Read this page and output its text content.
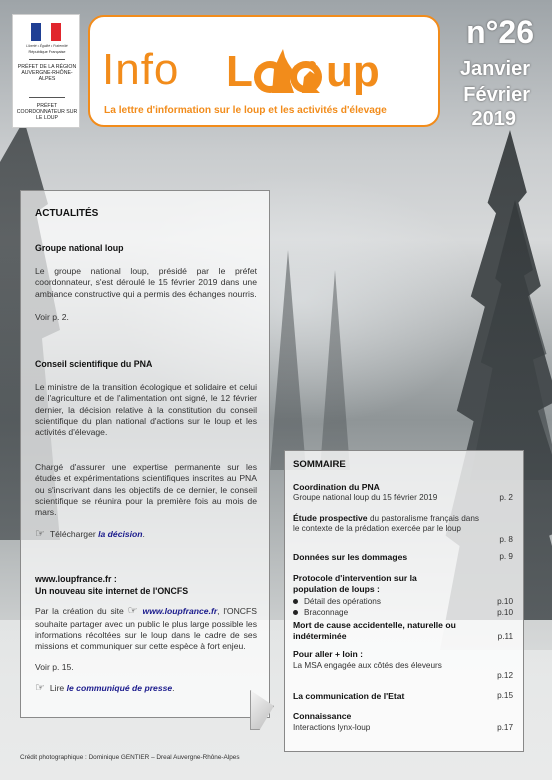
Liberté • Égalité • Fraternité
République Française
PRÉFET DE LA RÉGION AUVERGNE-RHÔNE-ALPES
PRÉFET COORDONNATEUR SUR LE LOUP
Info L up
La lettre d'information sur le loup et les activités d'élevage
n°26
Janvier
Février
2019
ACTUALITÉS
Groupe national loup
Le groupe national loup, présidé par le préfet coordonnateur, s'est déroulé le 15 février 2019 dans une ambiance constructive qui a permis des échanges nourris.
Voir p. 2.
Conseil scientifique du PNA
Le ministre de la transition écologique et solidaire et celui de l'agriculture et de l'alimentation ont signé, le 12 février dernier, la décision relative à la constitution du conseil scientifique du plan national d'actions sur le loup et les activités d'élevage.
Chargé d'assurer une expertise permanente sur les études et expérimentations scientifiques inscrites au PNA ou s'inscrivant dans les objectifs de ce dernier, le conseil scientifique se réunira pour la première fois au mois de mars.
☞ Télécharger la décision.
www.loupfrance.fr :
Un nouveau site internet de l'ONCFS
Par la création du site ☞ www.loupfrance.fr, l'ONCFS souhaite partager avec un public le plus large possible les informations récoltées sur le loup dans le cadre de ses missions et communiquer sur cette espèce à fort enjeu.
Voir p. 15.
☞ Lire le communiqué de presse.
SOMMAIRE
Coordination du PNA
Groupe national loup du 15 février 2019	p. 2
Étude prospective du pastoralisme français dans le contexte de la prédation exercée par le loup
p. 8
Données sur les dommages	p. 9
Protocole d'intervention sur la population de loups :
Détail des opérations	p.10
Braconnage	p.10
Mort de cause accidentelle, naturelle ou indéterminée	p.11
Pour aller + loin :
La MSA engagée aux côtés des éleveurs
p.12
La communication de l'Etat	p.15
Connaissance
Interactions lynx-loup	p.17
Crédit photographique : Dominique GENTIER – Dreal Auvergne-Rhône-Alpes
